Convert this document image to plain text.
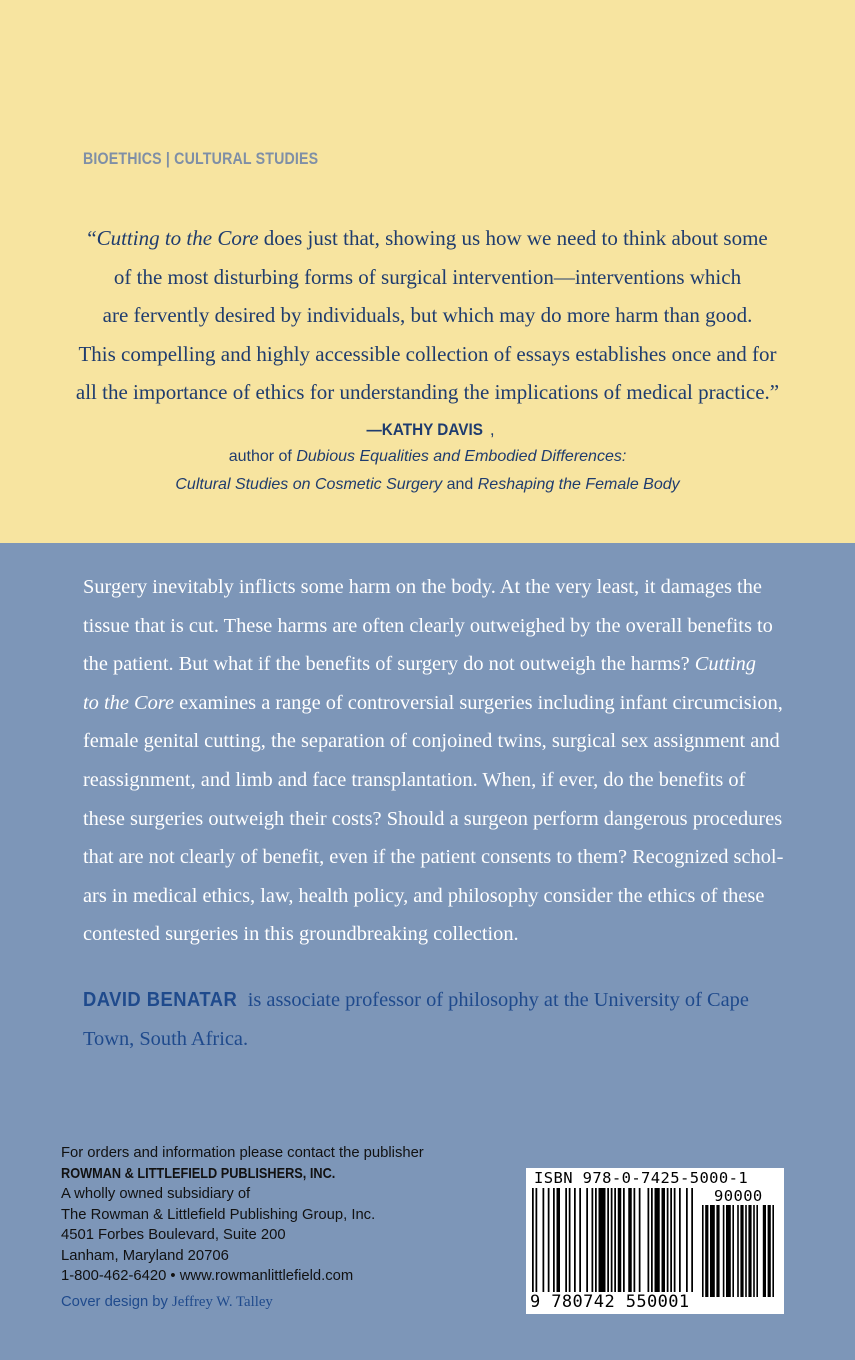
BIOETHICS | CULTURAL STUDIES
“Cutting to the Core does just that, showing us how we need to think about some
of the most disturbing forms of surgical intervention—interventions which
are fervently desired by individuals, but which may do more harm than good.
This compelling and highly accessible collection of essays establishes once and for
all the importance of ethics for understanding the implications of medical practice.”
—KATHY DAVIS ,
author of Dubious Equalities and Embodied Differences:
Cultural Studies on Cosmetic Surgery and Reshaping the Female Body
Surgery inevitably inflicts some harm on the body. At the very least, it damages the
tissue that is cut. These harms are often clearly outweighed by the overall benefits to
the patient. But what if the benefits of surgery do not outweigh the harms? Cutting
to the Core examines a range of controversial surgeries including infant circumcision,
female genital cutting, the separation of conjoined twins, surgical sex assignment and
reassignment, and limb and face transplantation. When, if ever, do the benefits of
these surgeries outweigh their costs? Should a surgeon perform dangerous procedures
that are not clearly of benefit, even if the patient consents to them? Recognized schol-
ars in medical ethics, law, health policy, and philosophy consider the ethics of these
contested surgeries in this groundbreaking collection.
DAVID BENATAR is associate professor of philosophy at the University of Cape
Town, South Africa.
For orders and information please contact the publisher
ROWMAN & LITTLEFIELD PUBLISHERS, INC.
A wholly owned subsidiary of
The Rowman & Littlefield Publishing Group, Inc.
4501 Forbes Boulevard, Suite 200
Lanham, Maryland 20706
1-800-462-6420 • www.rowmanlittlefield.com
Cover design by Jeffrey W. Talley
ISBN 978-0-7425-5000-1
90000
9 780742 550001
